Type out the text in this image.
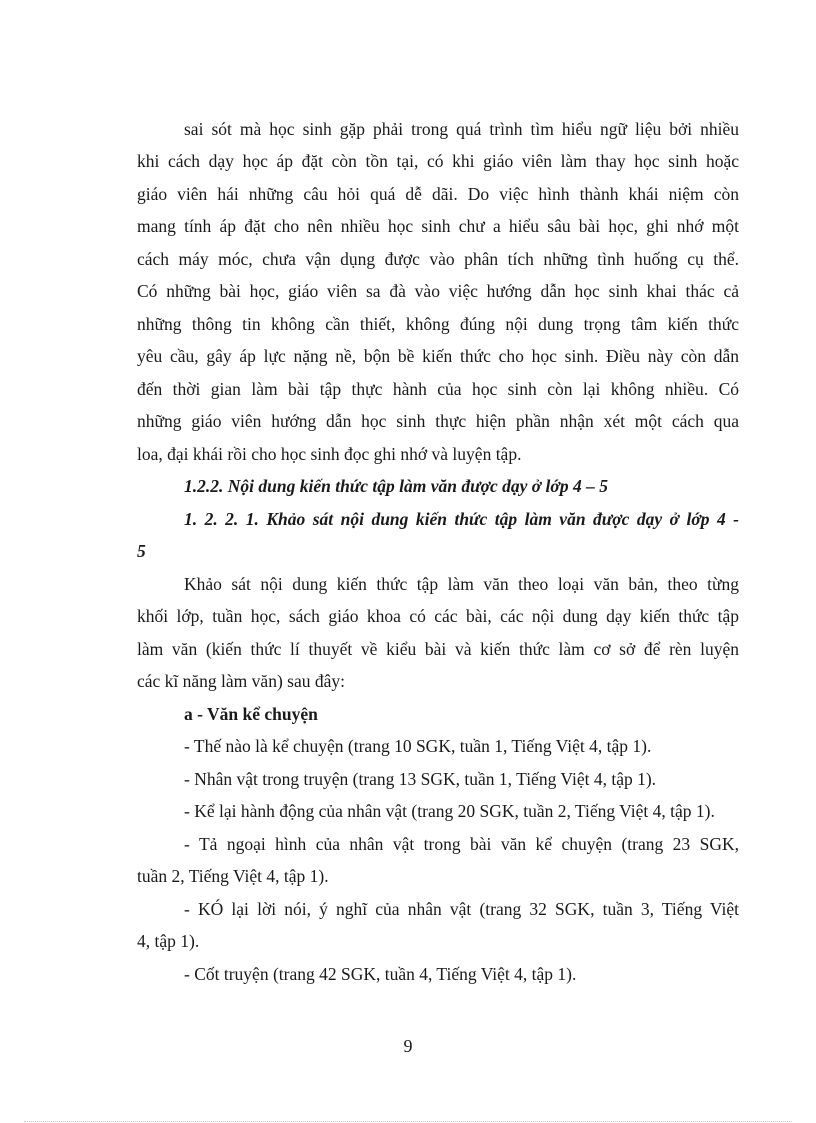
sai sót mà học sinh gặp phải trong quá trình tìm hiểu ngữ liệu bởi nhiều
khi cách dạy học áp đặt còn tồn tại, có khi giáo viên làm thay học sinh hoặc
giáo viên hái những câu hỏi quá dễ dãi. Do việc hình thành khái niệm còn
mang tính áp đặt cho nên nhiều học sinh chư a hiểu sâu bài học, ghi nhớ một
cách máy móc, chưa vận dụng được vào phân tích những tình huống cụ thể.
Có những bài học, giáo viên sa đà vào việc hướng dẫn học sinh khai thác cả
những thông tin không cần thiết, không đúng nội dung trọng tâm kiến thức
yêu cầu, gây áp lực nặng nề, bộn bề kiến thức cho học sinh. Điều này còn dẫn
đến thời gian làm bài tập thực hành của học sinh còn lại không nhiều. Có
những giáo viên hướng dẫn học sinh thực hiện phần nhận xét một cách qua
loa, đại khái rồi cho học sinh đọc ghi nhớ và luyện tập.
1.2.2. Nội dung kiến thức tập làm văn được dạy ở lớp 4 – 5
1. 2. 2. 1. Khảo sát nội dung kiến thức tập làm văn được dạy ở lớp 4 -
5
Khảo sát nội dung kiến thức tập làm văn theo loại văn bản, theo từng
khối lớp, tuần học, sách giáo khoa có các bài, các nội dung dạy kiến thức tập
làm văn (kiến thức lí thuyết về kiểu bài và kiến thức làm cơ sở để rèn luyện
các kĩ năng làm văn) sau đây:
a - Văn kể chuyện
- Thế nào là kể chuyện (trang 10 SGK, tuần 1, Tiếng Việt 4, tập 1).
- Nhân vật trong truyện (trang 13 SGK, tuần 1, Tiếng Việt 4, tập 1).
- Kể lại hành động của nhân vật (trang 20 SGK, tuần 2, Tiếng Việt 4, tập 1).
- Tả ngoại hình của nhân vật trong bài văn kể chuyện (trang 23 SGK,
tuần 2, Tiếng Việt 4, tập 1).
- KÓ lại lời nói, ý nghĩ của nhân vật (trang 32 SGK, tuần 3, Tiếng Việt
4, tập 1).
- Cốt truyện (trang 42 SGK, tuần 4, Tiếng Việt 4, tập 1).
9
